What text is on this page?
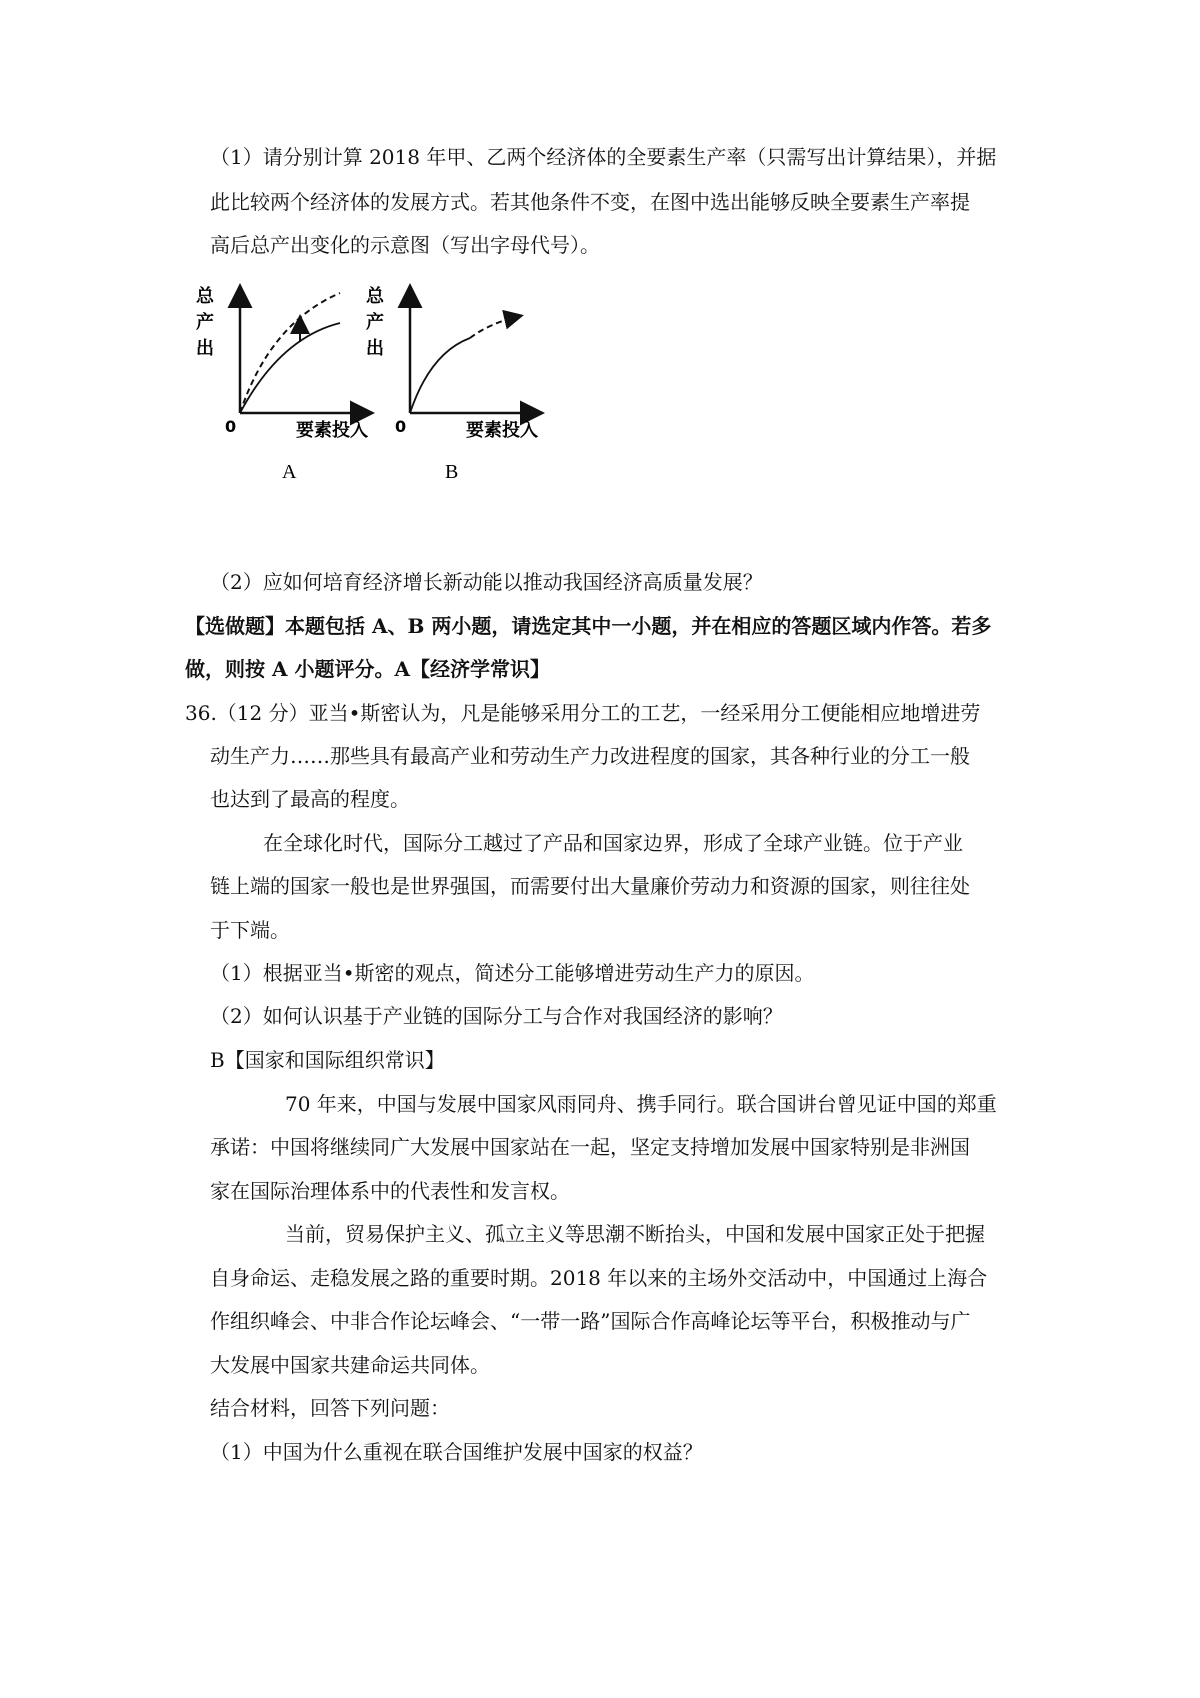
（1）请分别计算 2018 年甲、乙两个经济体的全要素生产率（只需写出计算结果），并据
此比较两个经济体的发展方式。若其他条件不变，在图中选出能够反映全要素生产率提
高后总产出变化的示意图（写出字母代号）。
总
产
出
0	要素投入
A
总
产
出
0	要素投入
B
（2）应如何培育经济增长新动能以推动我国经济高质量发展？
【选做题】本题包括 A、B 两小题，请选定其中一小题，并在相应的答题区域内作答。若多
做，则按 A 小题评分。A【经济学常识】
36.（12 分）亚当•斯密认为，凡是能够采用分工的工艺，一经采用分工便能相应地增进劳
动生产力……那些具有最高产业和劳动生产力改进程度的国家，其各种行业的分工一般
也达到了最高的程度。
在全球化时代，国际分工越过了产品和国家边界，形成了全球产业链。位于产业
链上端的国家一般也是世界强国，而需要付出大量廉价劳动力和资源的国家，则往往处
于下端。
（1）根据亚当•斯密的观点，简述分工能够增进劳动生产力的原因。
（2）如何认识基于产业链的国际分工与合作对我国经济的影响？
B【国家和国际组织常识】
70 年来，中国与发展中国家风雨同舟、携手同行。联合国讲台曾见证中国的郑重
承诺：中国将继续同广大发展中国家站在一起，坚定支持增加发展中国家特别是非洲国
家在国际治理体系中的代表性和发言权。
当前，贸易保护主义、孤立主义等思潮不断抬头，中国和发展中国家正处于把握
自身命运、走稳发展之路的重要时期。2018 年以来的主场外交活动中，中国通过上海合
作组织峰会、中非合作论坛峰会、“一带一路”国际合作高峰论坛等平台，积极推动与广
大发展中国家共建命运共同体。
结合材料，回答下列问题：
（1）中国为什么重视在联合国维护发展中国家的权益？
